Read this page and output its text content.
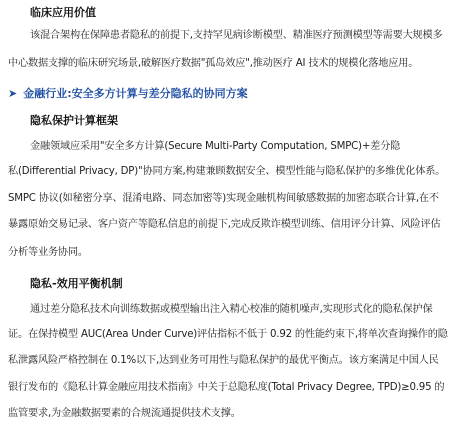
临床应用价值
该混合架构在保障患者隐私的前提下,支持罕见病诊断模型、精准医疗预测模型等需要大规模多
中心数据支撑的临床研究场景,破解医疗数据"孤岛效应",推动医疗 AI 技术的规模化落地应用。
➤ 金融行业:安全多方计算与差分隐私的协同方案
隐私保护计算框架
金融领域应采用"安全多方计算(Secure Multi-Party Computation, SMPC)+差分隐
私(Differential Privacy, DP)"协同方案,构建兼顾数据安全、模型性能与隐私保护的多维优化体系。
SMPC 协议(如秘密分享、混淆电路、同态加密等)实现金融机构间敏感数据的加密态联合计算,在不
暴露原始交易记录、客户资产等隐私信息的前提下,完成反欺诈模型训练、信用评分计算、风险评估
分析等业务协同。
隐私-效用平衡机制
通过差分隐私技术向训练数据或模型输出注入精心校准的随机噪声,实现形式化的隐私保护保
证。在保持模型 AUC(Area Under Curve)评估指标不低于 0.92 的性能约束下,将单次查询操作的隐
私泄露风险严格控制在 0.1%以下,达到业务可用性与隐私保护的最优平衡点。该方案满足中国人民
银行发布的《隐私计算金融应用技术指南》中关于总隐私度(Total Privacy Degree, TPD)≥0.95 的
监管要求,为金融数据要素的合规流通提供技术支撑。
